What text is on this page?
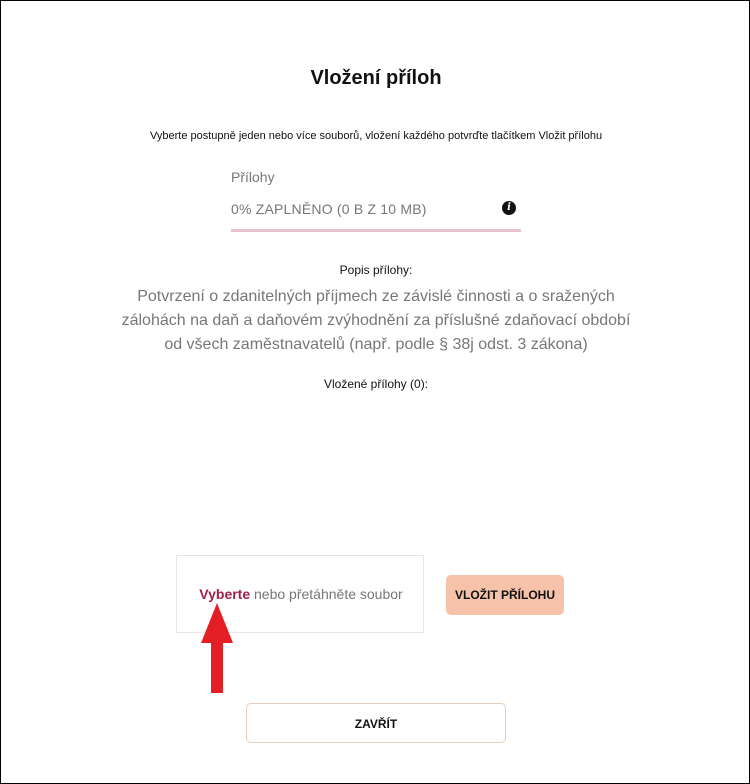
Vložení příloh
Vyberte postupně jeden nebo více souborů, vložení každého potvrďte tlačítkem Vložit přílohu
Přílohy
0% ZAPLNĚNO (0 B Z 10 MB)	i
Popis přílohy:
Potvrzení o zdanitelných příjmech ze závislé činnosti a o sražených zálohách na daň a daňovém zvýhodnění za příslušné zdaňovací období od všech zaměstnavatelů (např. podle § 38j odst. 3 zákona)
Vložené přílohy (0):
Vyberte nebo přetáhněte soubor	VLOŽIT PŘÍLOHU
ZAVŘÍT
